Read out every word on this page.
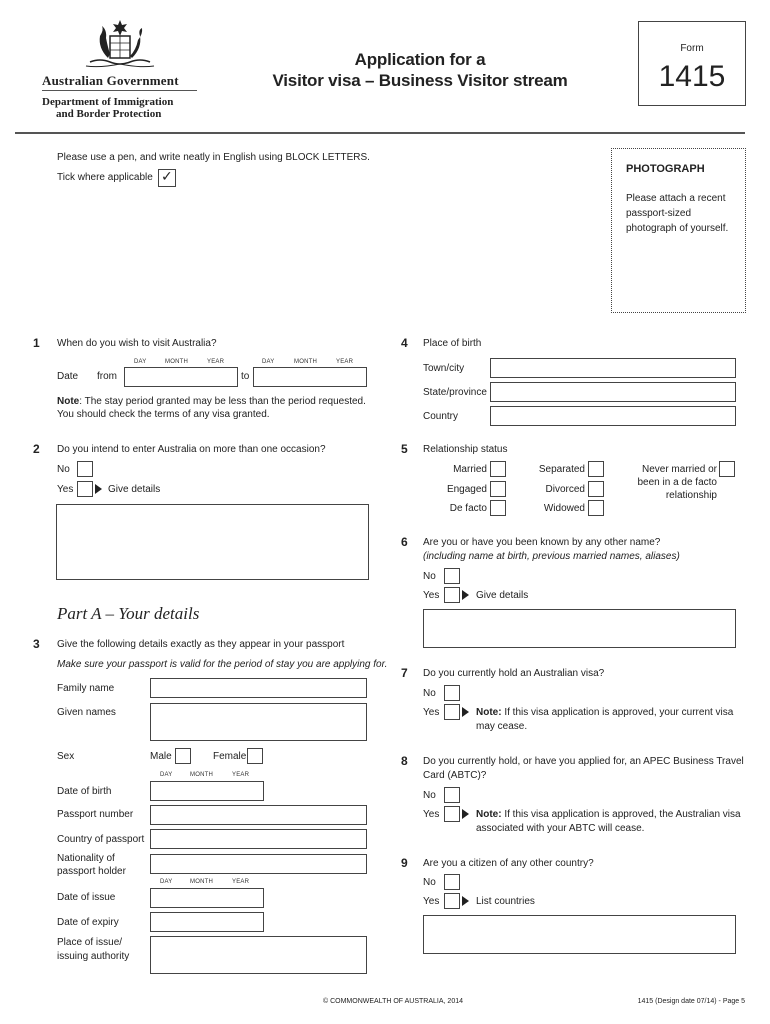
Australian Government
Department of Immigration
and Border Protection
Application for a
Visitor visa – Business Visitor stream
Form
1415
Please use a pen, and write neatly in English using BLOCK LETTERS.
Tick where applicable ✓	PHOTOGRAPH
Please attach a recent
passport-sized
photograph of yourself.
1 When do you wish to visit Australia?
DAY	MONTH	YEAR	DAY	MONTH	YEAR
Date from	to
Note: The stay period granted may be less than the period requested.
You should check the terms of any visa granted.
2 Do you intend to enter Australia on more than one occasion?
No
Yes	Give details
Part A – Your details
3 Give the following details exactly as they appear in your passport
Make sure your passport is valid for the period of stay you are applying for.
Family name
Given names
Sex	Male	Female
DAY	MONTH	YEAR
Date of birth
Passport number
Country of passport
Nationality of
passport holder
DAY	MONTH	YEAR
Date of issue
Date of expiry
Place of issue/
issuing authority
4 Place of birth
Town/city
State/province
Country
5 Relationship status
Married
Engaged
De facto
Separated
Divorced
Widowed
Never married or
been in a de facto
relationship
6 Are you or have you been known by any other name?
(including name at birth, previous married names, aliases)
No
Yes	Give details
7 Do you currently hold an Australian visa?
No
Yes	Note: If this visa application is approved, your current visa
may cease.
8 Do you currently hold, or have you applied for, an APEC Business Travel
Card (ABTC)?
No
Yes	Note: If this visa application is approved, the Australian visa
associated with your ABTC will cease.
9 Are you a citizen of any other country?
No
Yes	List countries
© COMMONWEALTH OF AUSTRALIA, 2014	1415 (Design date 07/14) - Page 5
